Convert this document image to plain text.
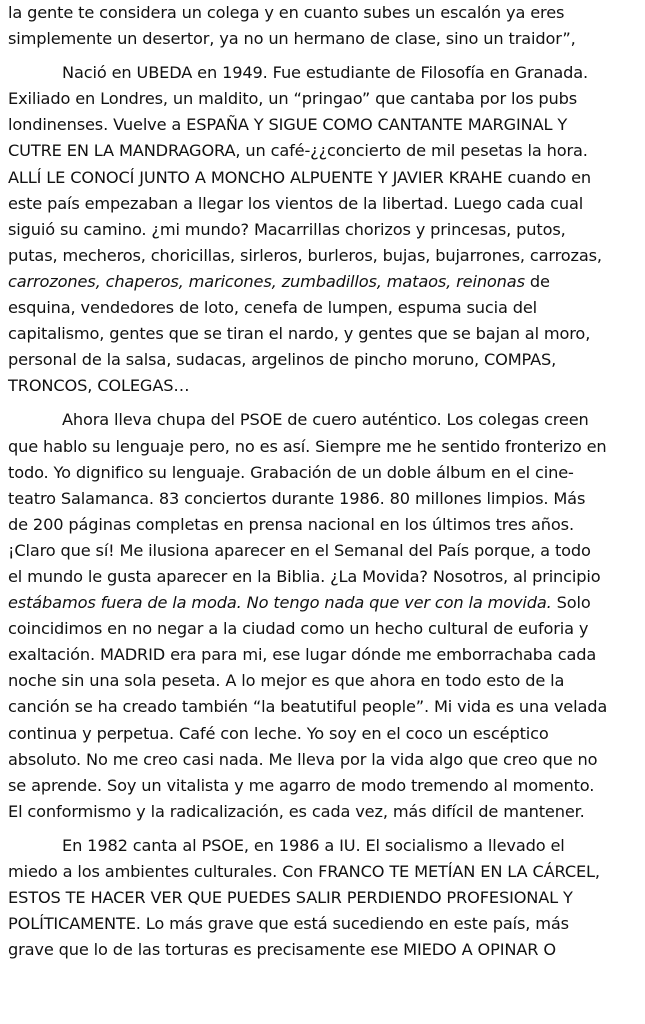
la gente te considera un colega y en cuanto subes un escalón ya eres
simplemente un desertor, ya no un hermano de clase, sino un traidor”,

Nació en UBEDA en 1949. Fue estudiante de Filosofía en Granada.
Exiliado en Londres, un maldito, un “pringao” que cantaba por los pubs
londinenses. Vuelve a ESPAÑA Y SIGUE COMO CANTANTE MARGINAL Y
CUTRE EN LA MANDRAGORA, un café-¿¿concierto de mil pesetas la hora.
ALLÍ LE CONOCÍ JUNTO A MONCHO ALPUENTE Y JAVIER KRAHE cuando en
este país empezaban a llegar los vientos de la libertad. Luego cada cual
siguió su camino. ¿mi mundo? Macarrillas chorizos y princesas, putos,
putas, mecheros, choricillas, sirleros, burleros, bujas, bujarrones, carrozas,
carrozones, chaperos, maricones, zumbadillos, mataos, reinonas de
esquina, vendedores de loto, cenefa de lumpen, espuma sucia del
capitalismo, gentes que se tiran el nardo, y gentes que se bajan al moro,
personal de la salsa, sudacas, argelinos de pincho moruno, COMPAS,
TRONCOS, COLEGAS…

Ahora lleva chupa del PSOE de cuero auténtico. Los colegas creen
que hablo su lenguaje pero, no es así. Siempre me he sentido fronterizo en
todo. Yo dignifico su lenguaje. Grabación de un doble álbum en el cine-
teatro Salamanca. 83 conciertos durante 1986. 80 millones limpios. Más
de 200 páginas completas en prensa nacional en los últimos tres años.
¡Claro que sí! Me ilusiona aparecer en el Semanal del País porque, a todo
el mundo le gusta aparecer en la Biblia. ¿La Movida? Nosotros, al principio
estábamos fuera de la moda. No tengo nada que ver con la movida. Solo
coincidimos en no negar a la ciudad como un hecho cultural de euforia y
exaltación. MADRID era para mi, ese lugar dónde me emborrachaba cada
noche sin una sola peseta. A lo mejor es que ahora en todo esto de la
canción se ha creado también “la beatutiful people”. Mi vida es una velada
continua y perpetua. Café con leche. Yo soy en el coco un escéptico
absoluto. No me creo casi nada. Me lleva por la vida algo que creo que no
se aprende. Soy un vitalista y me agarro de modo tremendo al momento.
El conformismo y la radicalización, es cada vez, más difícil de mantener.

En 1982 canta al PSOE, en 1986 a IU. El socialismo a llevado el
miedo a los ambientes culturales. Con FRANCO TE METÍAN EN LA CÁRCEL,
ESTOS TE HACER VER QUE PUEDES SALIR PERDIENDO PROFESIONAL Y
POLÍTICAMENTE. Lo más grave que está sucediendo en este país, más
grave que lo de las torturas es precisamente ese MIEDO A OPINAR O
